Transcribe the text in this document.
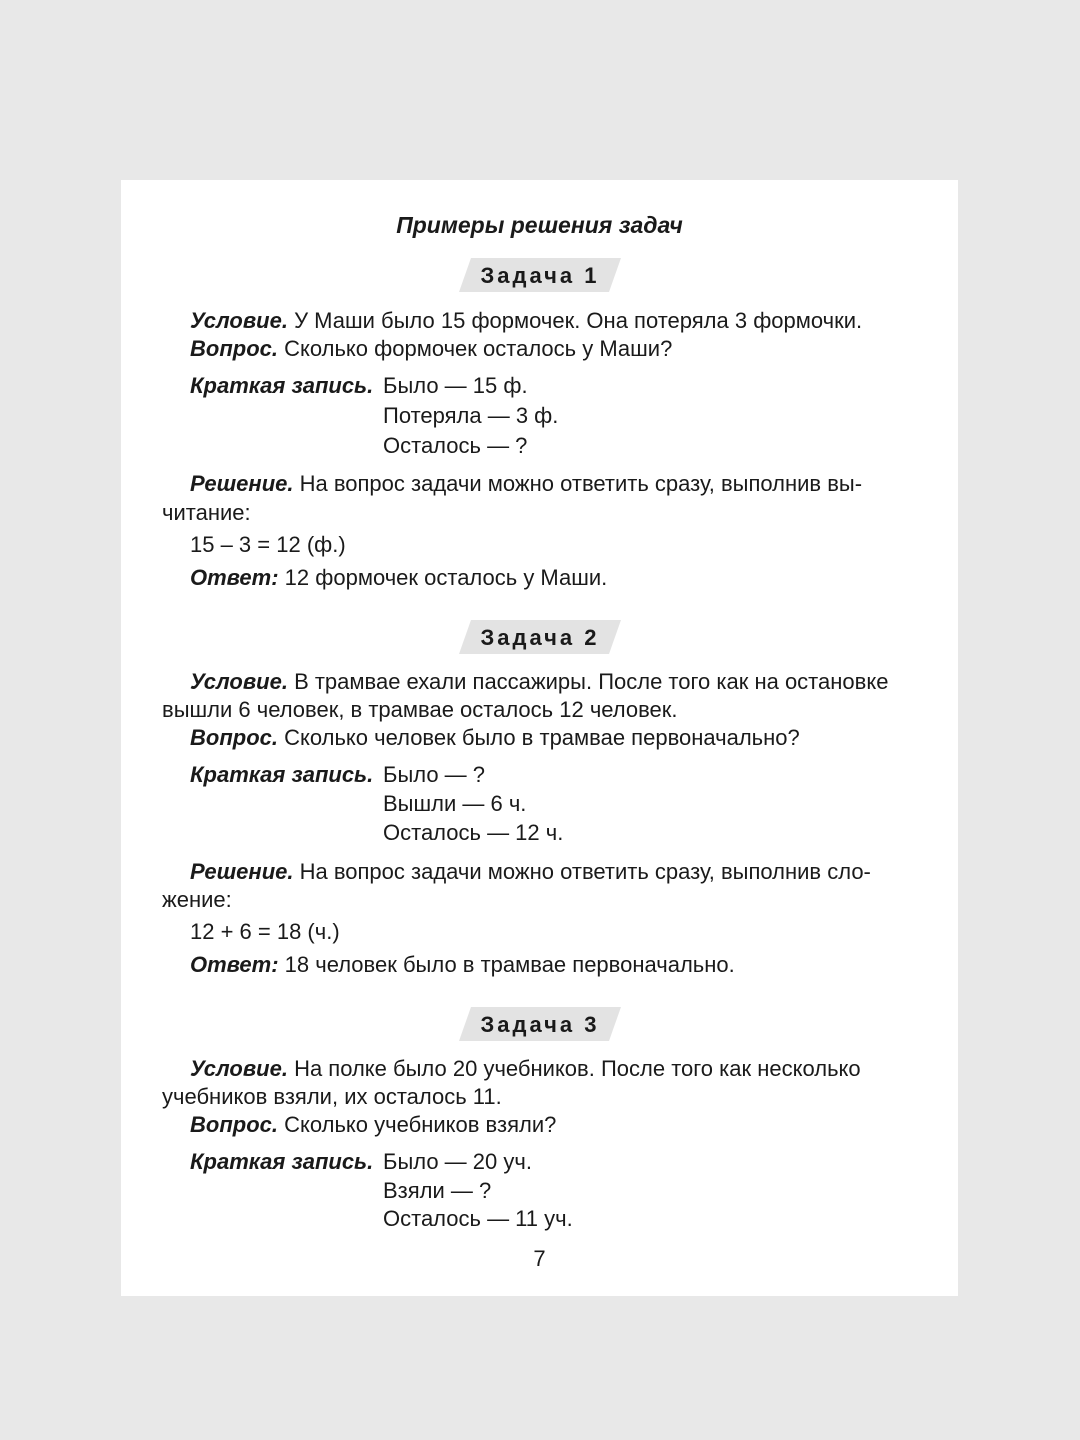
Примеры решения задач
Задача 1
Условие. У Маши было 15 формочек. Она потеряла 3 формочки.
Вопрос. Сколько формочек осталось у Маши?
Краткая запись. Было — 15 ф.
Потеряла — 3 ф.
Осталось — ?
Решение. На вопрос задачи можно ответить сразу, выполнив вы-
читание:
15 – 3 = 12 (ф.)
Ответ: 12 формочек осталось у Маши.
Задача 2
Условие. В трамвае ехали пассажиры. После того как на остановке
вышли 6 человек, в трамвае осталось 12 человек.
Вопрос. Сколько человек было в трамвае первоначально?
Краткая запись. Было — ?
Вышли — 6 ч.
Осталось — 12 ч.
Решение. На вопрос задачи можно ответить сразу, выполнив сло-
жение:
12 + 6 = 18 (ч.)
Ответ: 18 человек было в трамвае первоначально.
Задача 3
Условие. На полке было 20 учебников. После того как несколько
учебников взяли, их осталось 11.
Вопрос. Сколько учебников взяли?
Краткая запись. Было — 20 уч.
Взяли — ?
Осталось — 11 уч.
7
